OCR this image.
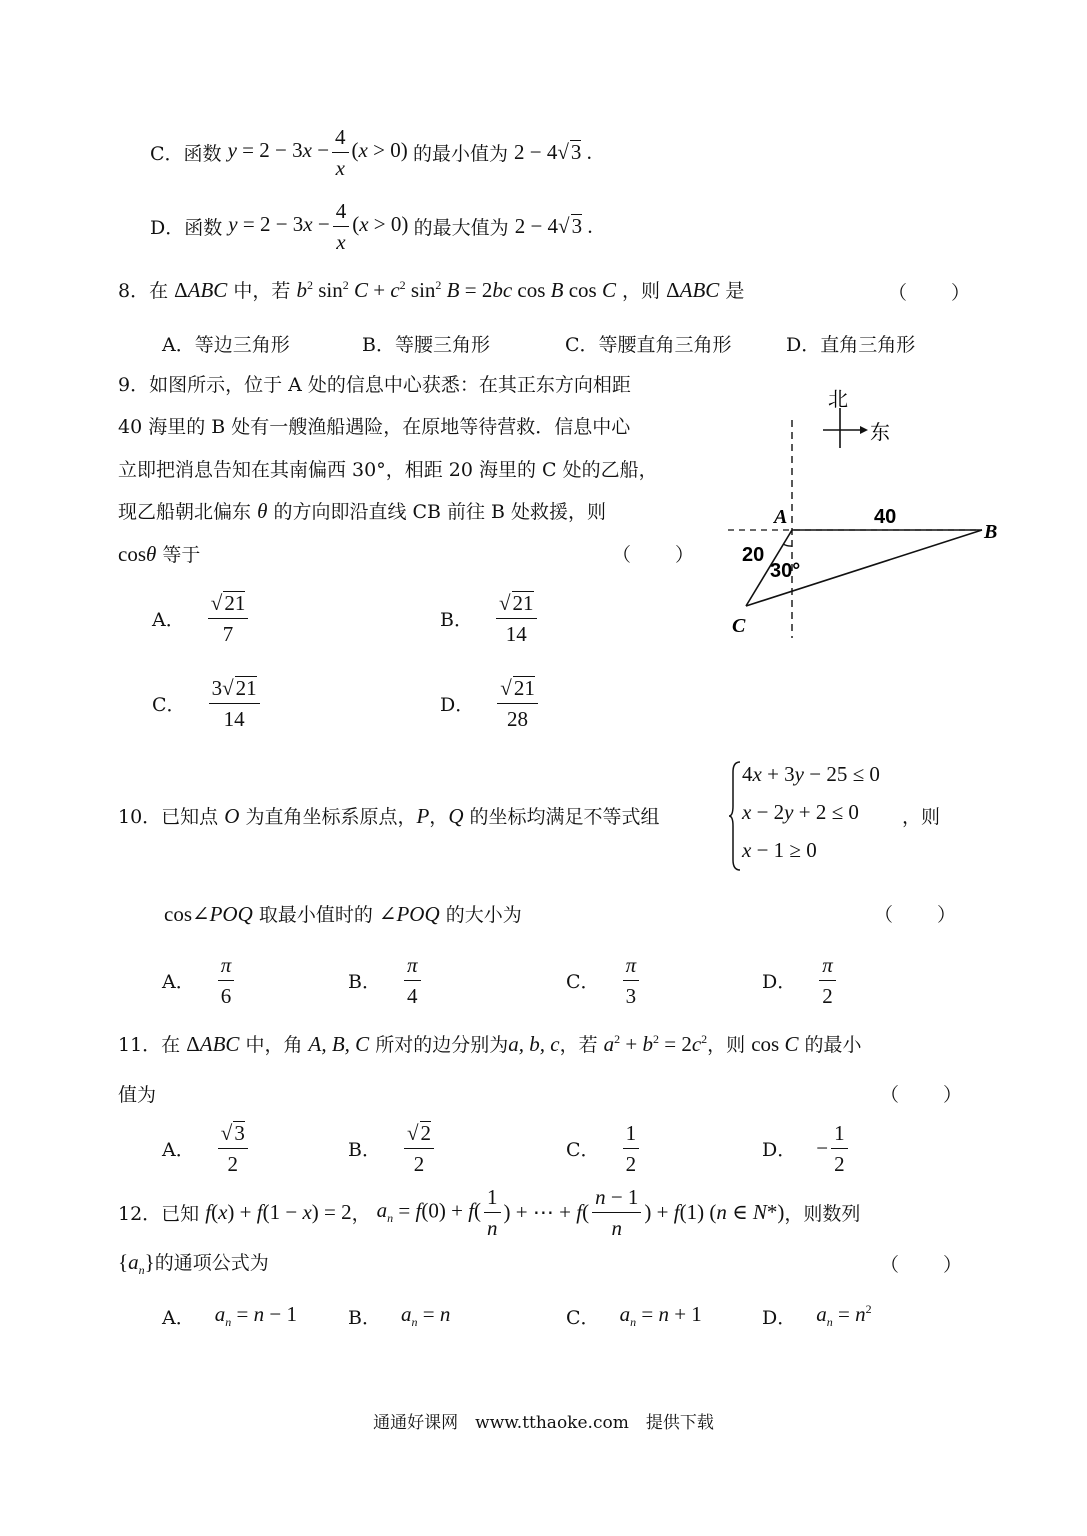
C．函数 $y = 2 - 3x - \frac{4}{x} (x > 0)$ 的最小值为 2 − 4√3 .
D．函数 $y = 2 - 3x - \frac{4}{x} (x > 0)$ 的最大值为 2 − 4√3 .
8．在 ΔABC 中，若 $b^2$ $\sin^2 C + c^2$ $\sin^2 B = 2bc$ cos B cos C ，则 ΔABC 是	（　　）
A．等边三角形	B．等腰三角形	C．等腰直角三角形	D．直角三角形
9．如图所示，位于 A 处的信息中心获悉：在其正东方向相距
40 海里的 B 处有一艘渔船遇险，在原地等待营救．信息中心
立即把消息告知在其南偏西 30°，相距 20 海里的 C 处的乙船，
现乙船朝北偏东 θ 的方向即沿直线 CB 前往 B 处救援，则
cosθ 等于	（　　）
A． $\frac{√21}{7}$	B． $\frac{√21}{14}$
C． $\frac{3√21}{14}$	D． $\frac{√21}{28}$
北
东
A
B
C
40
20
30°
10．已知点 O 为直角坐标系原点，P，Q 的坐标均满足不等式组
4x + 3y − 25 ≤ 0
x − 2y + 2 ≤ 0
x − 1 ≥ 0
，则
cos∠POQ 取最小值时的 ∠POQ 的大小为	（　　）
A． $\frac{\pi}{6}$	B． $\frac{\pi}{4}$	C． $\frac{\pi}{3}$	D． $\frac{\pi}{2}$
11．在 ΔABC 中，角 A, B, C 所对的边分别为a, b, c，若 $a^2 + b^2 = 2c^2$，则 cos C 的最小
值为	（　　）
A． $\frac{√3}{2}$	B． $\frac{√2}{2}$	C． $\frac{1}{2}$	D． − $\frac{1}{2}$
12．已知 f(x) + f(1 − x) = 2， $a_n = f(0) + f( \frac{1}{n}$ ) + ⋯ + $f( \frac{n - 1}{n}$ ) + f(1) (n ∈ N*)，则数列
$\{a_n\}$的通项公式为	（　　）
A． $a_n = n - 1$	B． $a_n = n$	C． $a_n = n + 1$	D． $a_n = n^2$
通通好课网　www.tthaoke.com　提供下载
